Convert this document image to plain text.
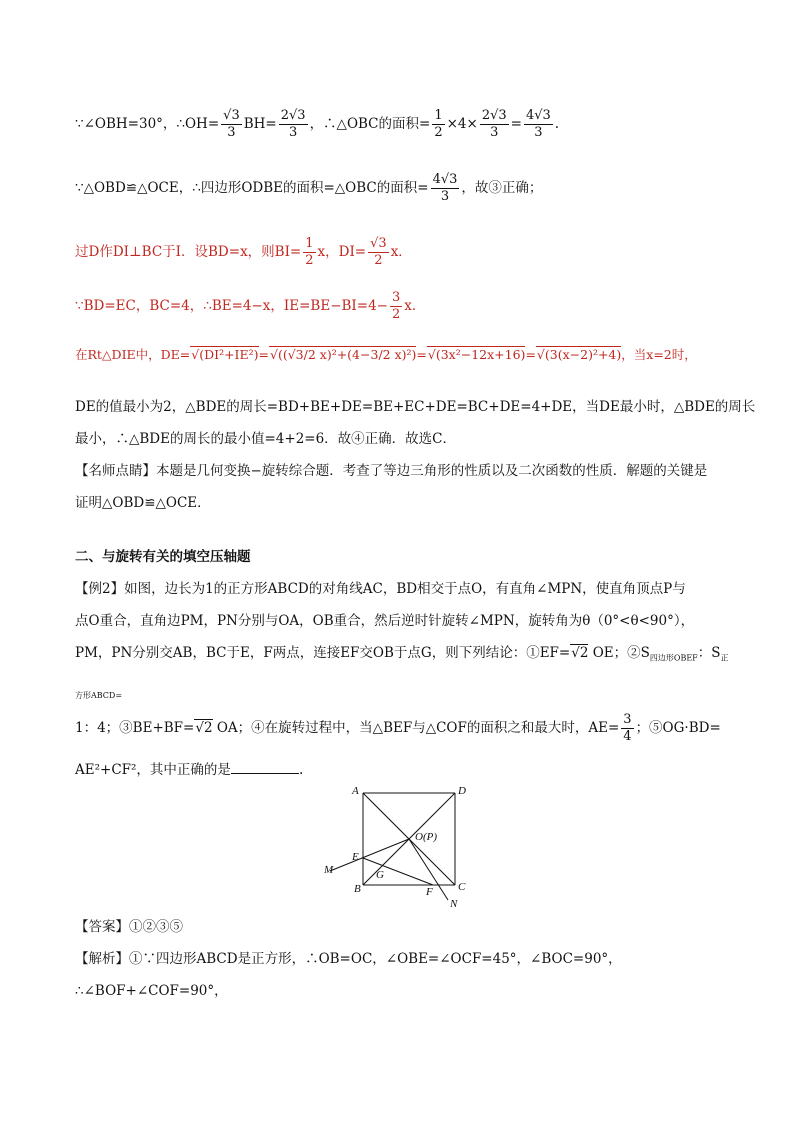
∵∠OBH=30°，∴OH= $\frac{√3}{3} BH= \frac{2√3}{3}$ ，∴△OBC的面积= $\frac{1}{2} \times 4\times \frac{2√3}{3} = \frac{4√3}{3}$ .
∵△OBD≌△OCE，∴四边形ODBE的面积=△OBC的面积= $\frac{4√3}{3}$ ，故③正确；
过D作DI⊥BC于I．设BD=x，则$BI= \frac{1}{2}$ x，$DI= \frac{√3}{2}$ x．
∵BD=EC，BC=4，∴BE=4−x，$IE=BE-BI=4- \frac{3}{2}$ x．
在Rt△DIE中，DE=√(DI²+IE²)=√((√3/2 x)²+(4−3/2 x)²)=√(3x²−12x+16)=√(3(x−2)²+4)，当x=2时，
DE的值最小为2，△BDE的周长=BD+BE+DE=BE+EC+DE=BC+DE=4+DE，当DE最小时，△BDE的周长
最小，∴△BDE的周长的最小值=4+2=6．故④正确．故选C．
【名师点睛】本题是几何变换−旋转综合题．考查了等边三角形的性质以及二次函数的性质．解题的关键是
证明△OBD≌△OCE．
二、与旋转有关的填空压轴题
【例2】如图，边长为1的正方形ABCD的对角线AC，BD相交于点O，有直角∠MPN，使直角顶点P与
点O重合，直角边PM，PN分别与OA，OB重合，然后逆时针旋转∠MPN，旋转角为θ（0°<θ<90°），
PM，PN分别交AB，BC于E，F两点，连接EF交OB于点G，则下列结论：①EF=√2 OE；$②S_{四边形OBEF}$：$S_正$
方形ABCD=
1：4；③BE+BF=√2 OA；④在旋转过程中，当△BEF与△COF的面积之和最大时，$AE= \frac{3}{4}$ ；⑤OG·BD=
AE²+CF²，其中正确的是	.
A	D
O(P)
M
E
G
B	F C
N
【答案】①②③⑤
【解析】①∵四边形ABCD是正方形，∴OB=OC，∠OBE=∠OCF=45°，∠BOC=90°，
∴∠BOF+∠COF=90°，
